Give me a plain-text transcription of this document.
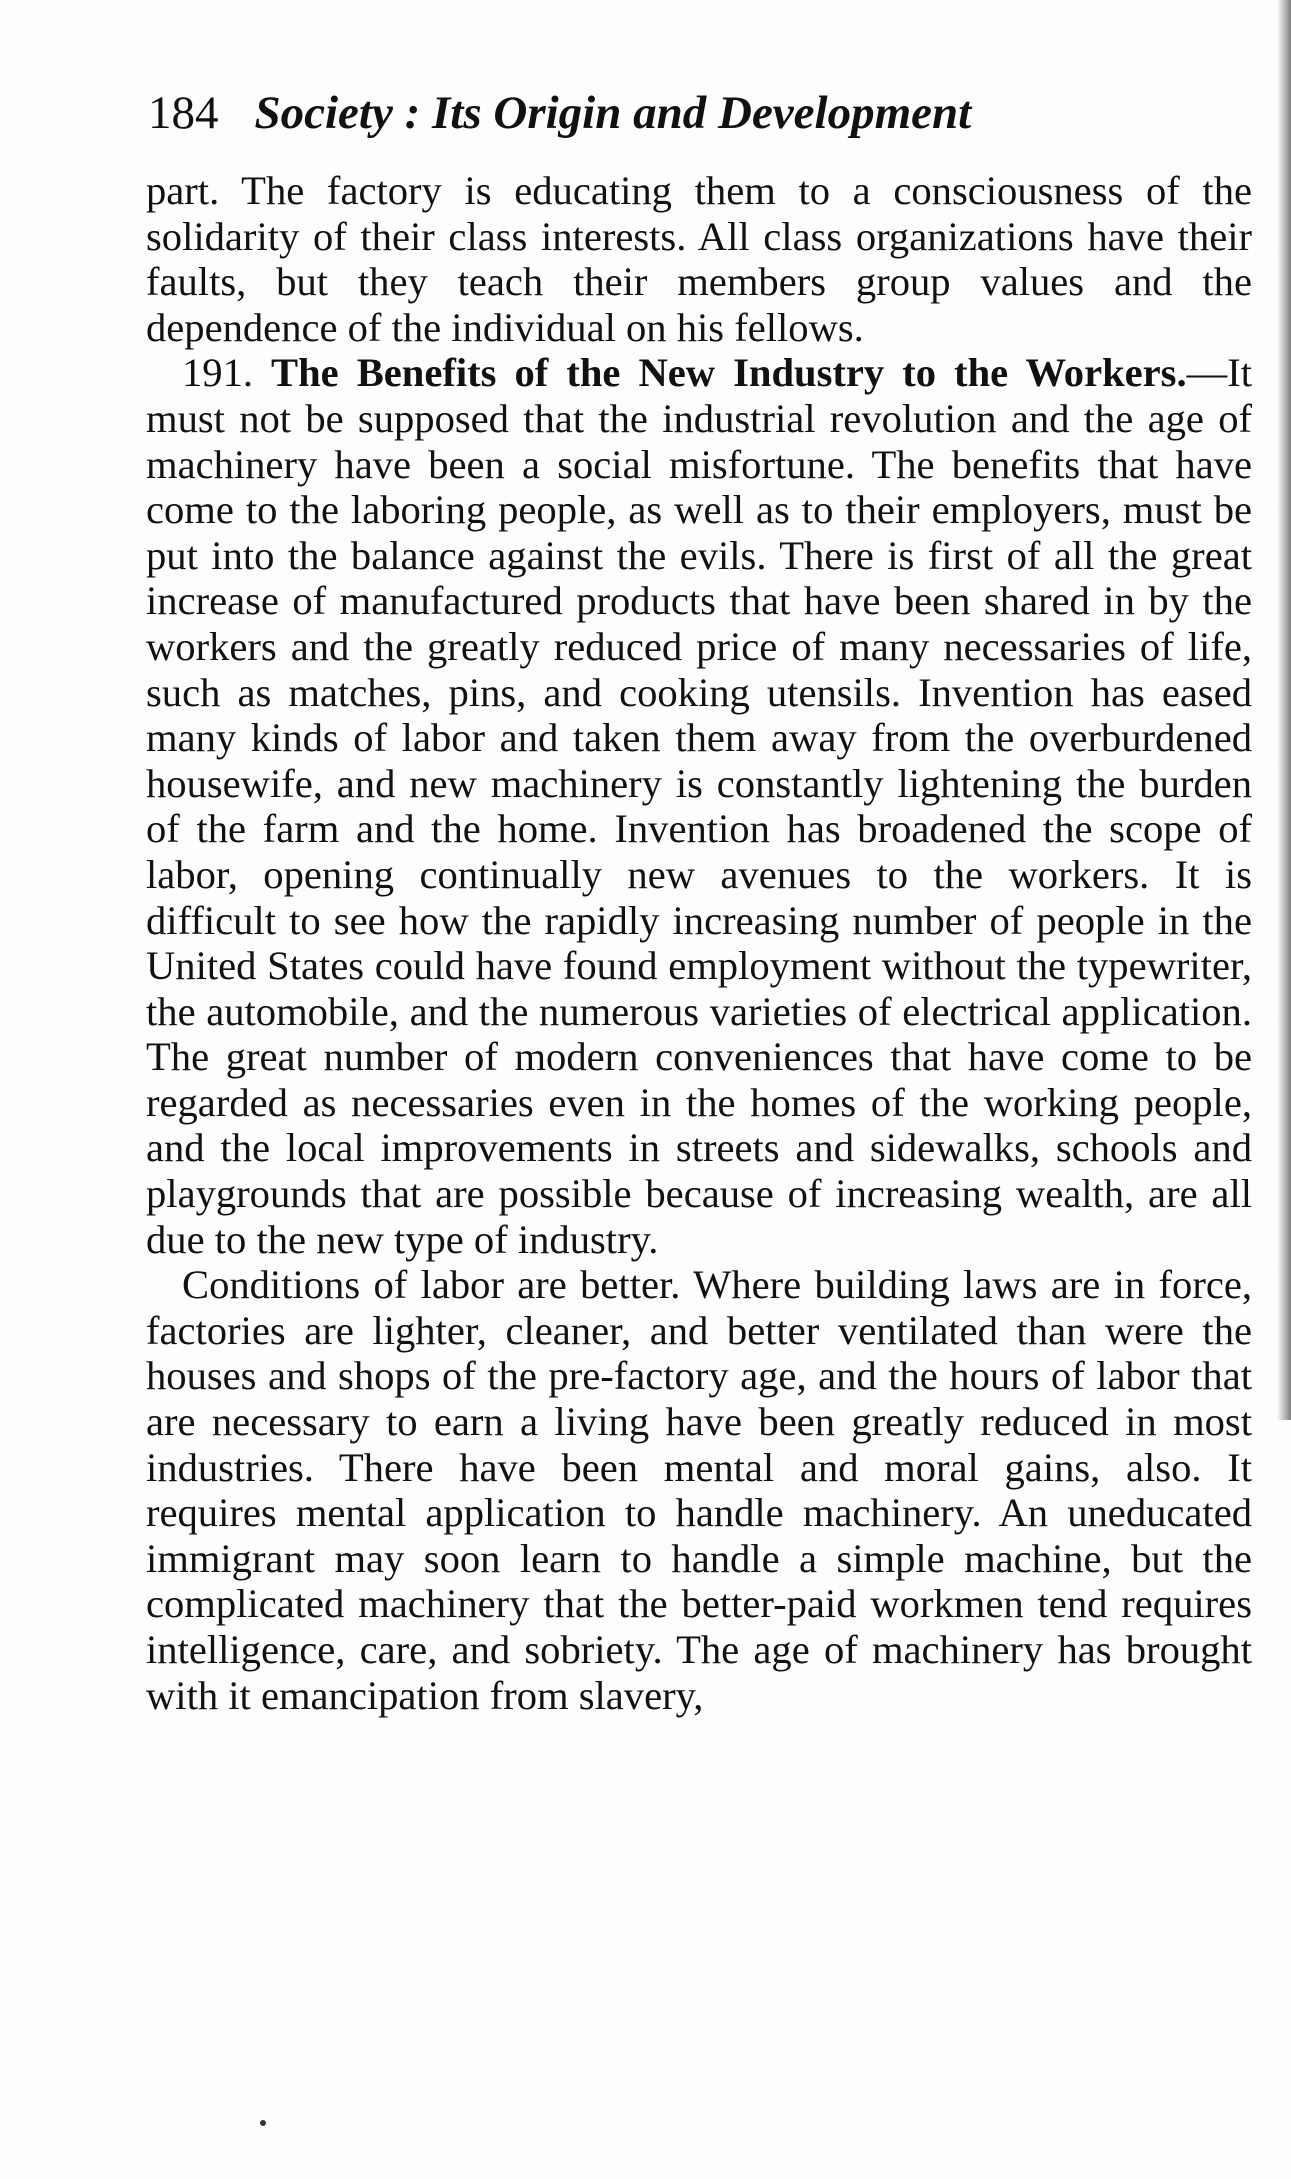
184 Society : Its Origin and Development

part. The factory is educating them to a consciousness of the solidarity of their class interests. All class organizations have their faults, but they teach their members group values and the dependence of the individual on his fellows.

191. The Benefits of the New Industry to the Workers.—It must not be supposed that the industrial revolution and the age of machinery have been a social misfortune. The benefits that have come to the laboring people, as well as to their employers, must be put into the balance against the evils. There is first of all the great increase of manufactured products that have been shared in by the workers and the greatly reduced price of many necessaries of life, such as matches, pins, and cooking utensils. Invention has eased many kinds of labor and taken them away from the overburdened housewife, and new machinery is constantly lightening the burden of the farm and the home. Invention has broadened the scope of labor, opening continually new avenues to the workers. It is difficult to see how the rapidly increasing number of people in the United States could have found employment without the typewriter, the automobile, and the numerous varieties of electrical application. The great number of modern conveniences that have come to be regarded as necessaries even in the homes of the working people, and the local improvements in streets and sidewalks, schools and playgrounds that are possible because of increasing wealth, are all due to the new type of industry.

Conditions of labor are better. Where building laws are in force, factories are lighter, cleaner, and better ventilated than were the houses and shops of the pre-factory age, and the hours of labor that are necessary to earn a living have been greatly reduced in most industries. There have been mental and moral gains, also. It requires mental application to handle machinery. An uneducated immigrant may soon learn to handle a simple machine, but the complicated machinery that the better-paid workmen tend requires intelligence, care, and sobriety. The age of machinery has brought with it emancipation from slavery,
